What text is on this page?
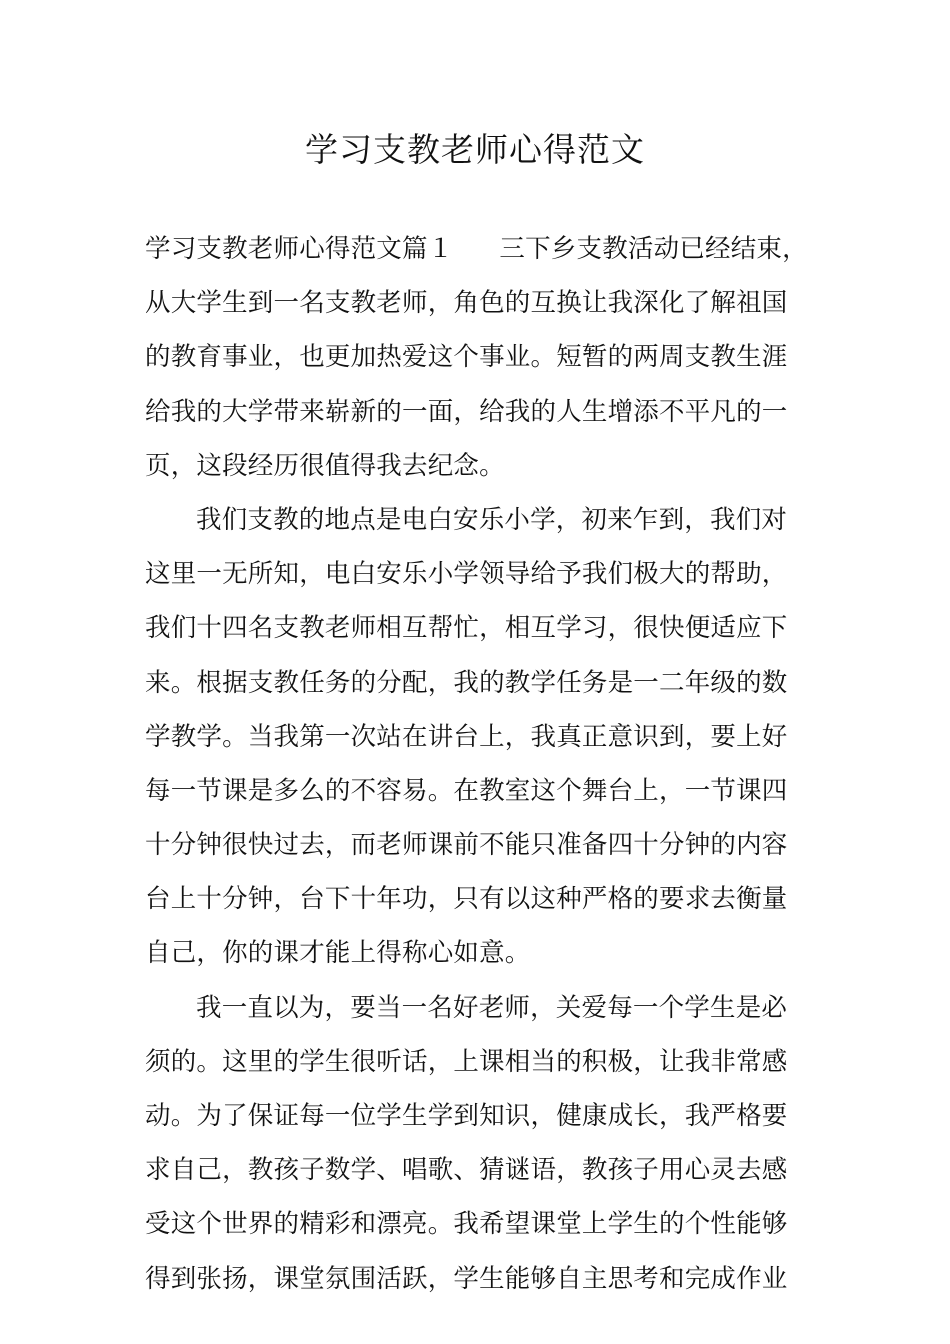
学习支教老师心得范文
学习支教老师心得范文篇１ 三下乡支教活动已经结束，
从大学生到一名支教老师，角色的互换让我深化了解祖国
的教育事业，也更加热爱这个事业。短暂的两周支教生涯
给我的大学带来崭新的一面，给我的人生增添不平凡的一
页，这段经历很值得我去纪念。
我们支教的地点是电白安乐小学，初来乍到，我们对
这里一无所知，电白安乐小学领导给予我们极大的帮助，
我们十四名支教老师相互帮忙，相互学习，很快便适应下
来。根据支教任务的分配，我的教学任务是一二年级的数
学教学。当我第一次站在讲台上，我真正意识到，要上好
每一节课是多么的不容易。在教室这个舞台上，一节课四
十分钟很快过去，而老师课前不能只准备四十分钟的内容
台上十分钟，台下十年功，只有以这种严格的要求去衡量
自己，你的课才能上得称心如意。
我一直以为，要当一名好老师，关爱每一个学生是必
须的。这里的学生很听话，上课相当的积极，让我非常感
动。为了保证每一位学生学到知识，健康成长，我严格要
求自己，教孩子数学、唱歌、猜谜语，教孩子用心灵去感
受这个世界的精彩和漂亮。我希望课堂上学生的个性能够
得到张扬，课堂氛围活跃，学生能够自主思考和完成作业
